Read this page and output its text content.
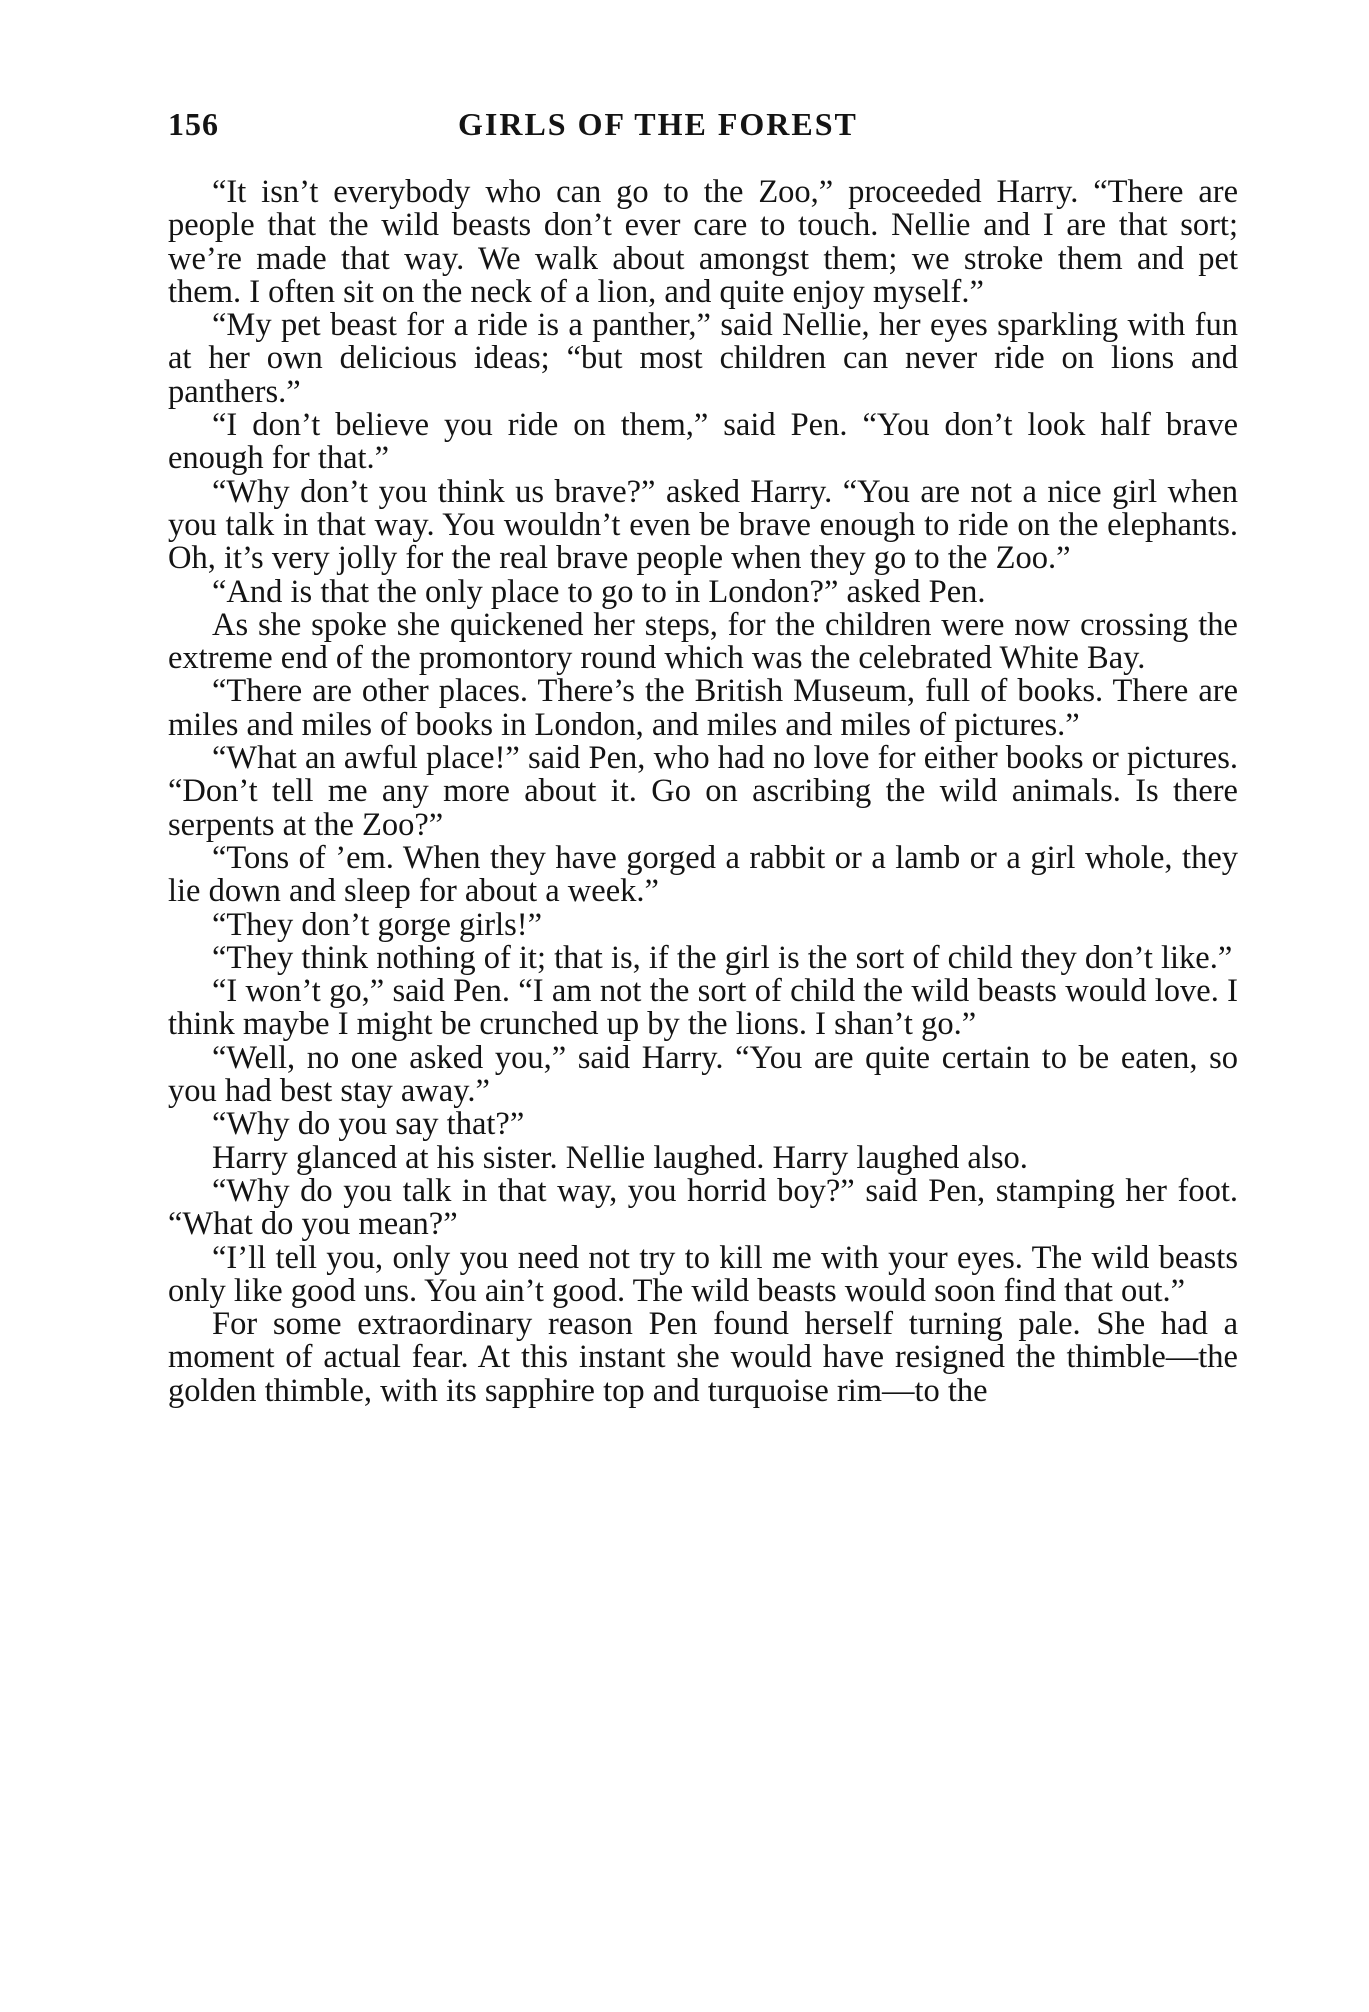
156	GIRLS OF THE FOREST

“It isn’t everybody who can go to the Zoo,” proceeded Harry. “There are people that the wild beasts don’t ever care to touch. Nellie and I are that sort; we’re made that way. We walk about amongst them; we stroke them and pet them. I often sit on the neck of a lion, and quite enjoy myself.”

“My pet beast for a ride is a panther,” said Nellie, her eyes sparkling with fun at her own delicious ideas; “but most children can never ride on lions and panthers.”

“I don’t believe you ride on them,” said Pen. “You don’t look half brave enough for that.”

“Why don’t you think us brave?” asked Harry. “You are not a nice girl when you talk in that way. You wouldn’t even be brave enough to ride on the elephants. Oh, it’s very jolly for the real brave people when they go to the Zoo.”

“And is that the only place to go to in London?” asked Pen.

As she spoke she quickened her steps, for the children were now crossing the extreme end of the promontory round which was the celebrated White Bay.

“There are other places. There’s the British Museum, full of books. There are miles and miles of books in London, and miles and miles of pictures.”

“What an awful place!” said Pen, who had no love for either books or pictures. “Don’t tell me any more about it. Go on ascribing the wild animals. Is there serpents at the Zoo?”

“Tons of ’em. When they have gorged a rabbit or a lamb or a girl whole, they lie down and sleep for about a week.”

“They don’t gorge girls!”

“They think nothing of it; that is, if the girl is the sort of child they don’t like.”

“I won’t go,” said Pen. “I am not the sort of child the wild beasts would love. I think maybe I might be crunched up by the lions. I shan’t go.”

“Well, no one asked you,” said Harry. “You are quite certain to be eaten, so you had best stay away.”

“Why do you say that?”

Harry glanced at his sister. Nellie laughed. Harry laughed also.

“Why do you talk in that way, you horrid boy?” said Pen, stamping her foot. “What do you mean?”

“I’ll tell you, only you need not try to kill me with your eyes. The wild beasts only like good uns. You ain’t good. The wild beasts would soon find that out.”

For some extraordinary reason Pen found herself turning pale. She had a moment of actual fear. At this instant she would have resigned the thimble—the golden thimble, with its sapphire top and turquoise rim—to the
